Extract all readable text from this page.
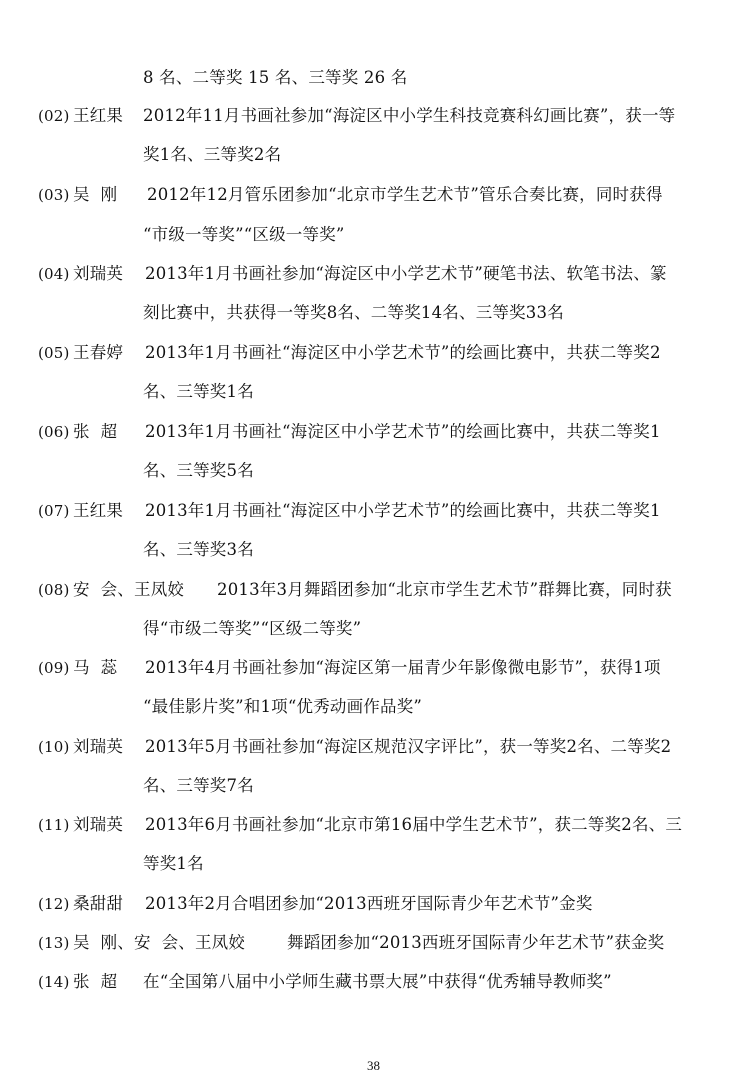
8 名、二等奖 15 名、三等奖 26 名
(02) 王红果 2012年11月书画社参加“海淀区中小学生科技竞赛科幻画比赛”，获一等
奖1名、三等奖2名
(03) 吴  刚 2012年12月管乐团参加“北京市学生艺术节”管乐合奏比赛，同时获得
“市级一等奖”“区级一等奖”
(04) 刘瑞英 2013年1月书画社参加“海淀区中小学艺术节”硬笔书法、软笔书法、篆
刻比赛中，共获得一等奖8名、二等奖14名、三等奖33名
(05) 王春婷 2013年1月书画社“海淀区中小学艺术节”的绘画比赛中，共获二等奖2
名、三等奖1名
(06) 张  超 2013年1月书画社“海淀区中小学艺术节”的绘画比赛中，共获二等奖1
名、三等奖5名
(07) 王红果 2013年1月书画社“海淀区中小学艺术节”的绘画比赛中，共获二等奖1
名、三等奖3名
(08) 安  会、王凤姣 2013年3月舞蹈团参加“北京市学生艺术节”群舞比赛，同时获
得“市级二等奖”“区级二等奖”
(09) 马  蕊 2013年4月书画社参加“海淀区第一届青少年影像微电影节”，获得1项
“最佳影片奖”和1项“优秀动画作品奖”
(10) 刘瑞英 2013年5月书画社参加“海淀区规范汉字评比”，获一等奖2名、二等奖2
名、三等奖7名
(11) 刘瑞英 2013年6月书画社参加“北京市第16届中学生艺术节”，获二等奖2名、三
等奖1名
(12) 桑甜甜 2013年2月合唱团参加“2013西班牙国际青少年艺术节”金奖
(13) 吴  刚、安  会、王凤姣	舞蹈团参加“2013西班牙国际青少年艺术节”获金奖
(14) 张  超 在“全国第八届中小学师生藏书票大展”中获得“优秀辅导教师奖”
38
